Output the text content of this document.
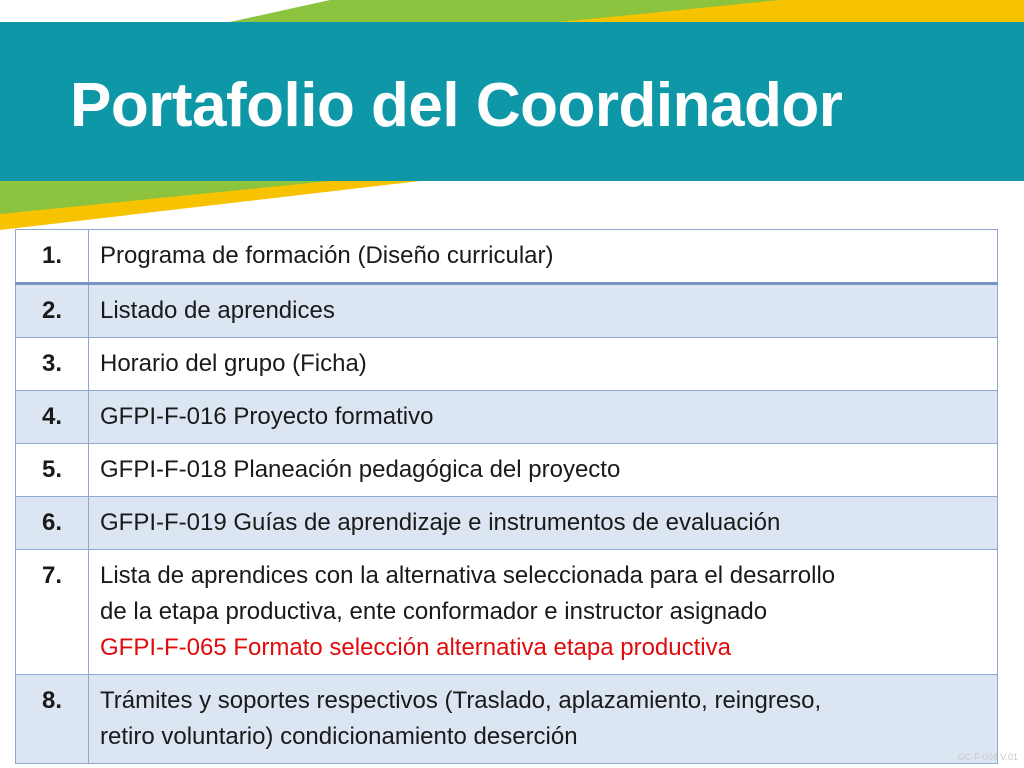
Portafolio del Coordinador
1.	Programa de formación (Diseño curricular)
2.	Listado de aprendices
3.	Horario del grupo (Ficha)
4.	GFPI-F-016 Proyecto formativo
5.	GFPI-F-018 Planeación pedagógica del proyecto
6.	GFPI-F-019 Guías de aprendizaje e instrumentos de evaluación
7.	Lista de aprendices con la alternativa seleccionada para el desarrollo
de la etapa productiva, ente conformador e instructor asignado
GFPI-F-065 Formato selección alternativa etapa productiva

8.	Trámites y soportes respectivos (Traslado, aplazamiento, reingreso,
retiro voluntario) condicionamiento deserción
GC-F-004 V.01
